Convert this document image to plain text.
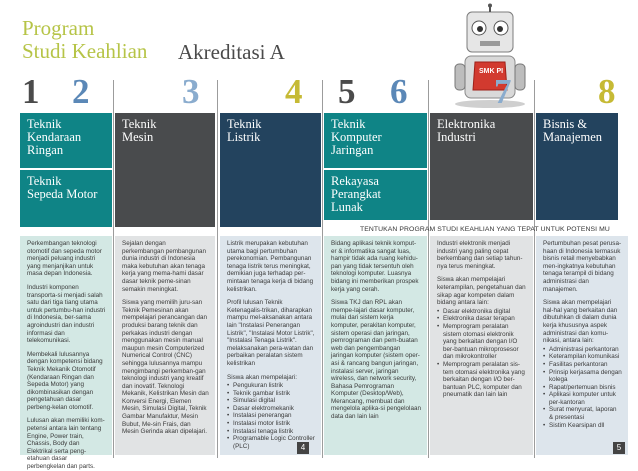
Program
Studi Keahlian Akreditasi A
SMK PI
1 2	3 4 5 6 7 8
Teknik
Kendaraan
Ringan
Teknik
Sepeda Motor
Teknik
Mesin
Teknik
Listrik
Teknik
Komputer
Jaringan
Rekayasa
Perangkat
Lunak
Elektronika
Industri
Bisnis &
Manajemen
TENTUKAN PROGRAM STUDI KEAHLIAN YANG TEPAT UNTUK POTENSI MU

Perkembangan teknologi otomotif dan sepeda motor menjadi peluang industri yang menjanjikan untuk masa depan Indonesia.

Industri komponen transporta-si menjadi salah satu dari tiga tiang utama untuk pertumbu-han industri di Indonesia, ber-sama agroindustri dan industri informasi dan telekomunikasi.

Membekali lulusannya dengan kompetensi bidang Teknik Mekanik Otomotif (Kendaraan Ringan dan Sepeda Motor) yang dikombinasikan dengan pengetahuan dasar perbeng-kelan otomotif.

Lulusan akan memiliki kom-petensi antara lain tentang Engine, Power train, Chassis, Body dan Elektrikal serta peng-etahuan dasar perbengkelan dan parts.

Sejalan dengan perkembangan pembangunan dunia industri di Indonesia maka kebutuhan akan tenaga kerja yang mema-hami dasar dasar teknik peme-sinan semakin meningkat.

Siswa yang memilih juru-san Teknik Pemesinan akan mempelajari perancangan dan produksi barang teknik dan perkakas industri dengan menggunakan mesin manual maupun mesin Computerized Numerical Control (CNC) sehingga lulusannya mampu mengimbangi perkemban-gan teknologi industri yang kreatif dan inovatif. Teknologi Mekanik, Kelistrikan Mesin dan Konversi Energi, Elemen Mesin, Simulasi Digital, Teknik Gambar Manufaktur, Mesin Bubut, Me-sin Frais, dan Mesin Gerinda akan dipelajari.

Listrik merupakan kebutuhan utama bagi pertumbuhan perekonomian. Pembangunan tenaga listrik terus meningkat, demikian juga terhadap per-mintaan tenaga kerja di bidang kelistrikan.

Profil lulusan Teknik Ketenagalis-trikan, diharapkan mampu mel-aksanakan antara lain "Instalasi Penerangan Listrik", "Instalasi Motor Listrik", "Instalasi Tenaga Listrik". melaksanakan pera-watan dan perbaikan peralatan sistem kelistrikan

Siswa akan mempelajari:

• Pengukuran listrik
• Teknik gambar listrik
• Simulasi digital
• Dasar elektromekanik
• Instalasi penerangan
• Instalasi motor listrik
• Instalasi tenaga listrik
• Programable Logic Controller (PLC)	4

Bidang aplikasi teknik komput-er & informatika sangat luas, hampir tidak ada ruang kehidu-pan yang tidak tersentuh oleh teknologi komputer. Luasnya bidang ini memberikan prospek kerja yang cerah.

Siswa TKJ dan RPL akan mempe-lajari dasar komputer, mulai dari sistem kerja komputer, perakitan komputer, sistem operasi dan jaringan, pemrograman dan pem-buatan web dan pengembangan jaringan komputer (sistem oper-asi & rancang bangun jaringan, instalasi server, jaringan wireless, dan network security, Bahasa Pemrograman Komputer (Desktop/Web), Merancang, membuat dan mengelola aplika-si pengelolaan data dan lain lain

Industri elektronik menjadi industri yang paling cepat berkembang dan setiap tahun-nya terus meningkat.

Siswa akan mempelajari keterampilan, pengetahuan dan sikap agar kompeten dalam bidang antara lain:

• Dasar elektronika digital
• Elektronika dasar terapan
• Memprogram peralatan sistem otomasi elektronik yang berkaitan dengan I/O ber-bantuan mikroprosesor dan mikrokontroller
• Memprogram peralatan sis-tem otomasi elektronika yang berkaitan dengan I/O ber-bantuan PLC, komputer dan pneumatik dan lain lain

Pertumbuhan pesat perusa-haan di Indonesia termasuk bisnis retail menyebabkan men-ingkatnya kebutuhan tenaga terampil di bidang administrasi dan manajemen.

Siswa akan mempelajari hal-hal yang berkaitan dan dibutuhkan di dalam dunia kerja khususnya aspek administrasi dan komu-nikasi, antara lain:

• Administrasi perkantoran
• Keterampilan komunikasi
• Fasilitas perkantoran
• Prinsip kerjasama dengan kolega
• Rapat/pertemuan bisnis
• Aplikasi komputer untuk per-kantoran
• Surat menyurat, laporan & presentasi
• Sistim Kearsipan dll
5
